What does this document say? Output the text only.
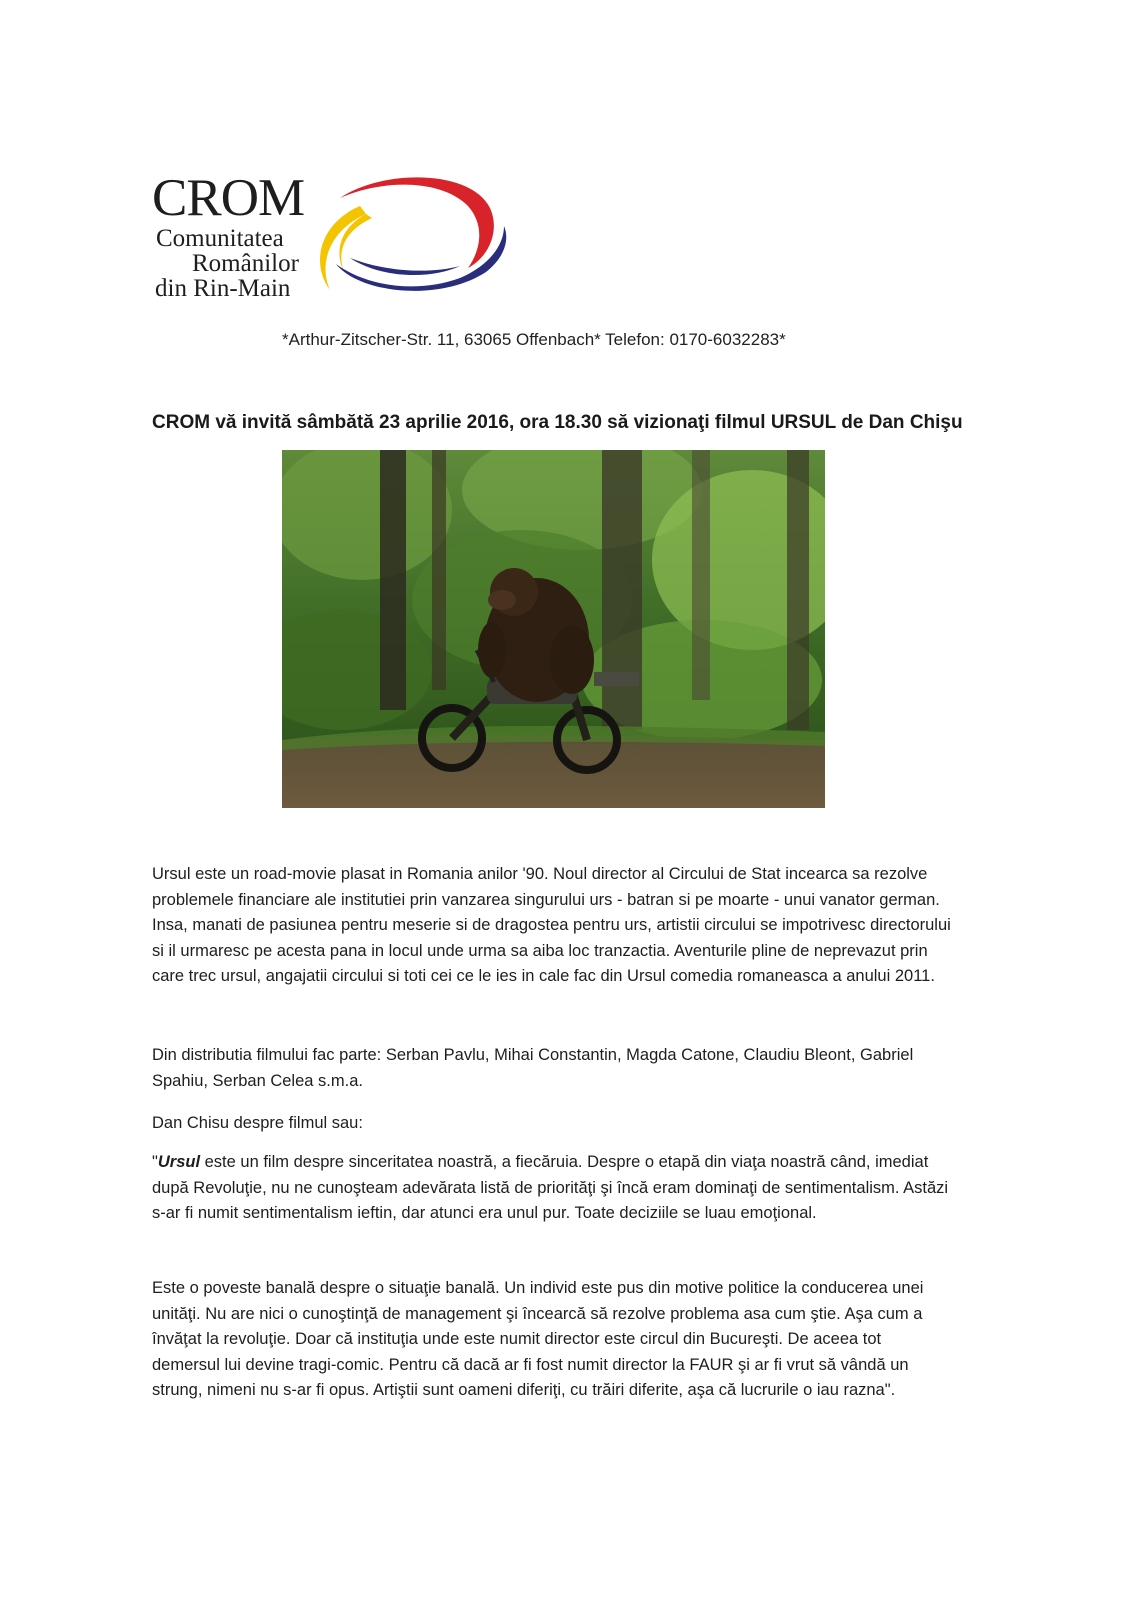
CROM
Comunitatea
Românilor
din Rin-Main
*Arthur-Zitscher-Str. 11, 63065 Offenbach* Telefon: 0170-6032283*
CROM vă invită sâmbătă 23 aprilie 2016, ora 18.30 să vizionaţi filmul URSUL de Dan Chişu

Ursul este un road-movie plasat in Romania anilor '90. Noul director al Circului de Stat incearca sa rezolve problemele financiare ale institutiei prin vanzarea singurului urs - batran si pe moarte - unui vanator german. Insa, manati de pasiunea pentru meserie si de dragostea pentru urs, artistii circului se impotrivesc directorului si il urmaresc pe acesta pana in locul unde urma sa aiba loc tranzactia. Aventurile pline de neprevazut prin care trec ursul, angajatii circului si toti cei ce le ies in cale fac din Ursul comedia romaneasca a anului 2011.

Din distributia filmului fac parte: Serban Pavlu, Mihai Constantin, Magda Catone, Claudiu Bleont, Gabriel Spahiu, Serban Celea s.m.a.

Dan Chisu despre filmul sau:

"Ursul este un film despre sinceritatea noastră, a fiecăruia. Despre o etapă din viaţa noastră când, imediat după Revoluţie, nu ne cunoşteam adevărata listă de priorităţi şi încă eram dominaţi de sentimentalism. Astăzi s-ar fi numit sentimentalism ieftin, dar atunci era unul pur. Toate deciziile se luau emoţional.

Este o poveste banală despre o situaţie banală. Un individ este pus din motive politice la conducerea unei unităţi. Nu are nici o cunoştinţă de management şi încearcă să rezolve problema asa cum ştie. Aşa cum a învăţat la revoluţie. Doar că instituţia unde este numit director este circul din Bucureşti. De aceea tot demersul lui devine tragi-comic. Pentru că dacă ar fi fost numit director la FAUR şi ar fi vrut să vândă un strung, nimeni nu s-ar fi opus. Artiştii sunt oameni diferiţi, cu trăiri diferite, aşa că lucrurile o iau razna".
